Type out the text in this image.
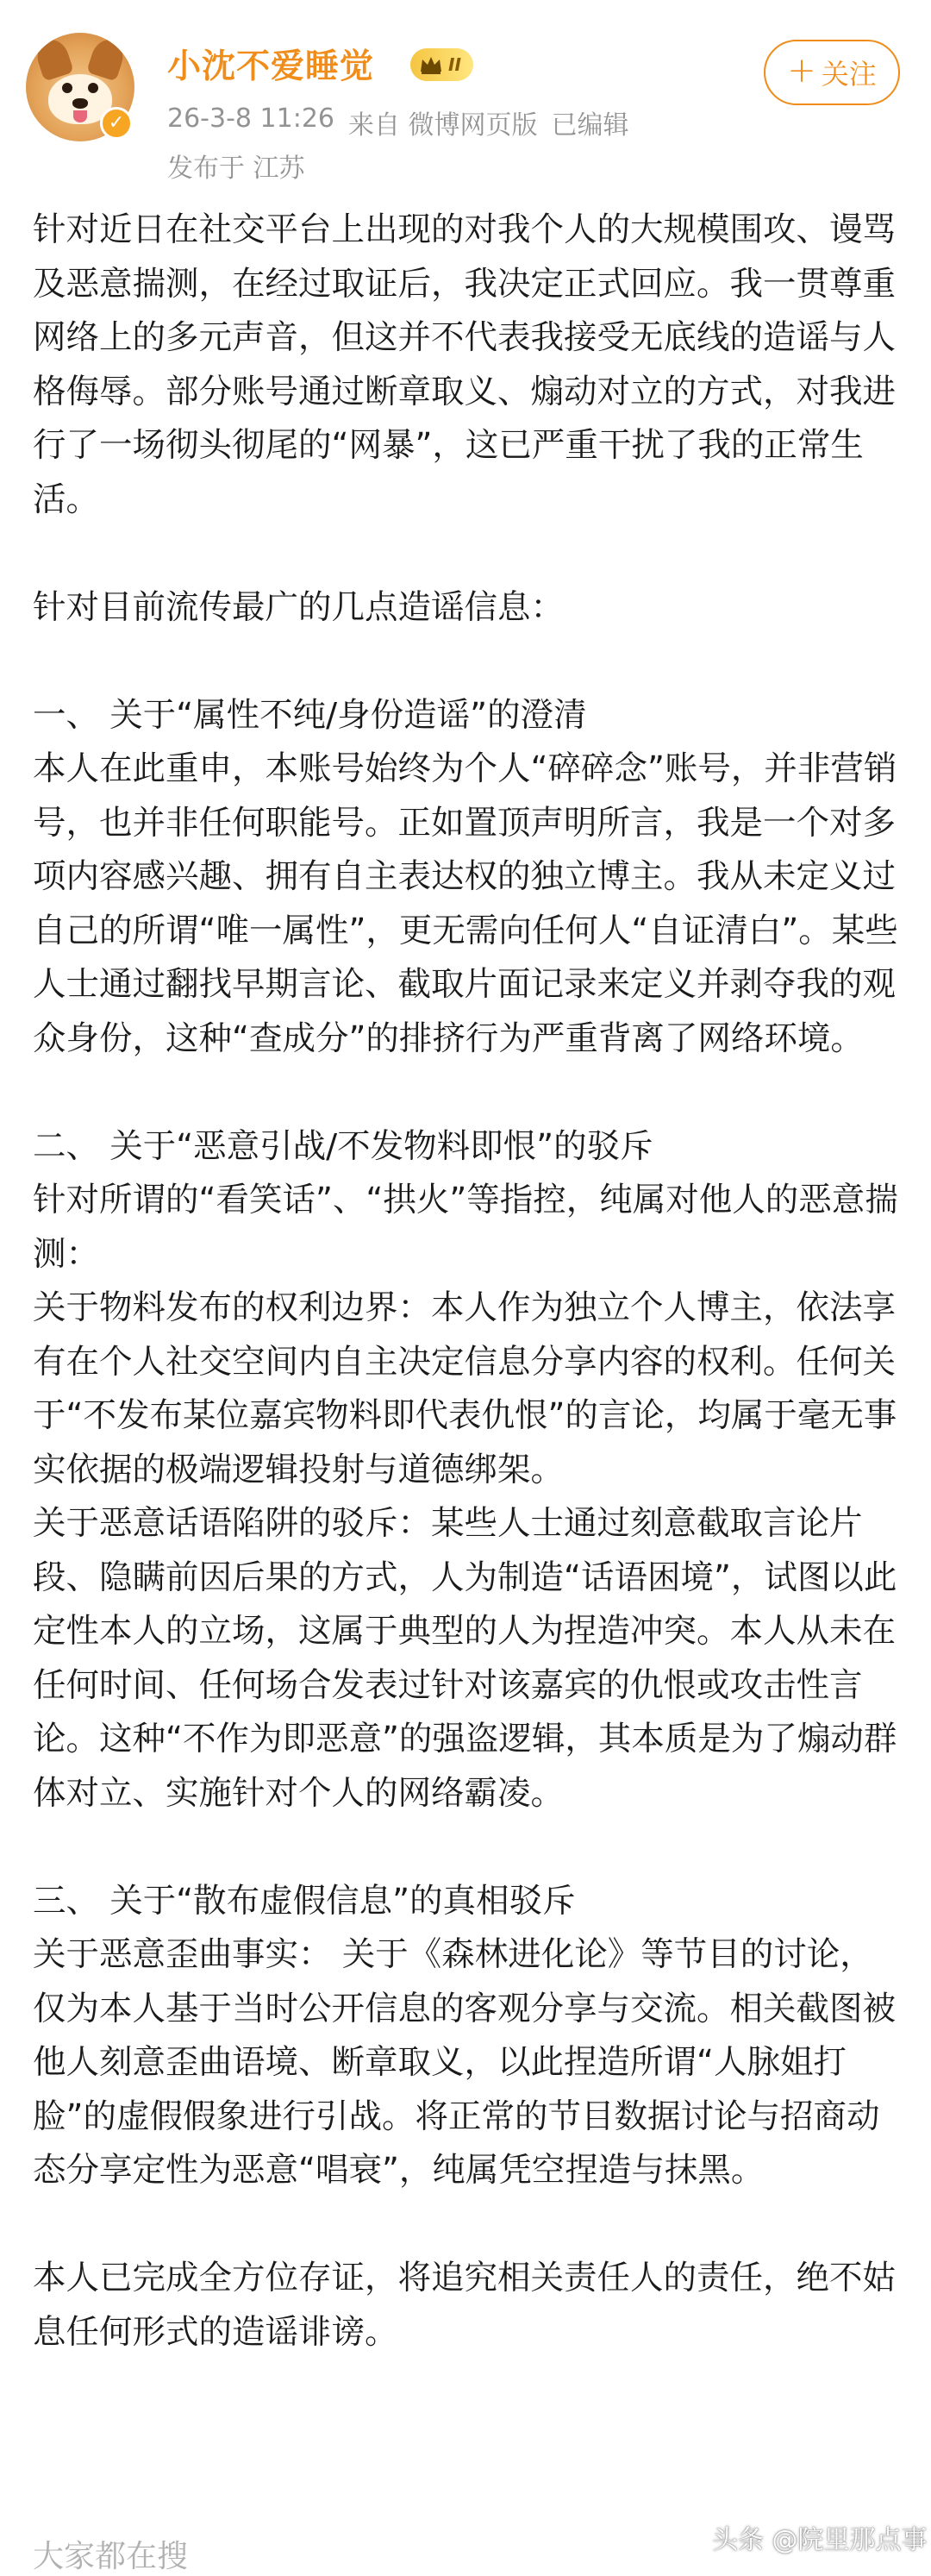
✓
小沈不爱睡觉	II	+ 关注
26-3-8 11:26 来自 微博网页版 已编辑
发布于 江苏

针对近日在社交平台上出现的对我个人的大规模围攻、谩骂及恶意揣测，在经过取证后，我决定正式回应。我一贯尊重网络上的多元声音，但这并不代表我接受无底线的造谣与人格侮辱。部分账号通过断章取义、煽动对立的方式，对我进行了一场彻头彻尾的“网暴”，这已严重干扰了我的正常生活。

针对目前流传最广的几点造谣信息：

一、 关于“属性不纯/身份造谣”的澄清

本人在此重申，本账号始终为个人“碎碎念”账号，并非营销号，也并非任何职能号。正如置顶声明所言，我是一个对多项内容感兴趣、拥有自主表达权的独立博主。我从未定义过自己的所谓“唯一属性”，更无需向任何人“自证清白”。某些人士通过翻找早期言论、截取片面记录来定义并剥夺我的观众身份，这种“查成分”的排挤行为严重背离了网络环境。

二、 关于“恶意引战/不发物料即恨”的驳斥

针对所谓的“看笑话”、“拱火”等指控，纯属对他人的恶意揣测：

关于物料发布的权利边界：本人作为独立个人博主，依法享有在个人社交空间内自主决定信息分享内容的权利。任何关于“不发布某位嘉宾物料即代表仇恨”的言论，均属于毫无事实依据的极端逻辑投射与道德绑架。

关于恶意话语陷阱的驳斥：某些人士通过刻意截取言论片段、隐瞒前因后果的方式，人为制造“话语困境”，试图以此定性本人的立场，这属于典型的人为捏造冲突。本人从未在任何时间、任何场合发表过针对该嘉宾的仇恨或攻击性言论。这种“不作为即恶意”的强盗逻辑，其本质是为了煽动群体对立、实施针对个人的网络霸凌。

三、 关于“散布虚假信息”的真相驳斥

关于恶意歪曲事实： 关于《森林进化论》等节目的讨论，仅为本人基于当时公开信息的客观分享与交流。相关截图被他人刻意歪曲语境、断章取义，以此捏造所谓“人脉姐打脸”的虚假假象进行引战。将正常的节目数据讨论与招商动态分享定性为恶意“唱衰”，纯属凭空捏造与抹黑。

本人已完成全方位存证，将追究相关责任人的责任，绝不姑息任何形式的造谣诽谤。

大家都在搜	头条 @院里那点事
